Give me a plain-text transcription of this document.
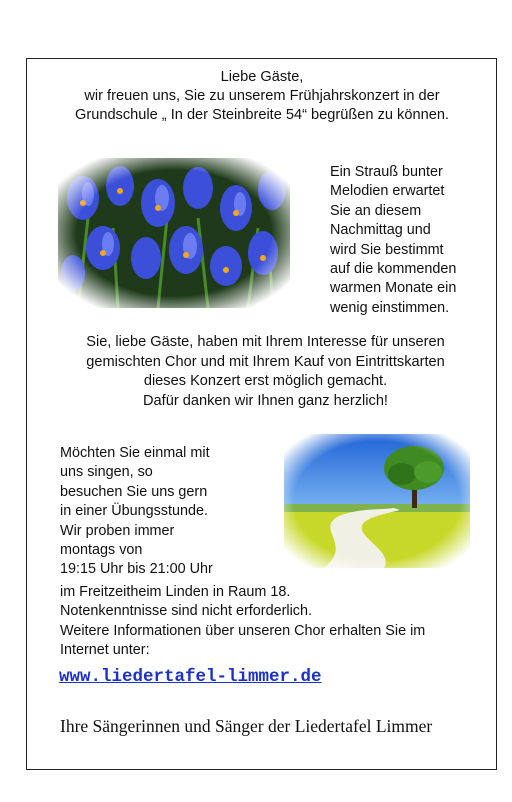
Liebe Gäste,
wir freuen uns, Sie zu unserem Frühjahrskonzert in der
Grundschule „ In der Steinbreite 54“ begrüßen zu können.
Ein Strauß bunter
Melodien erwartet
Sie an diesem
Nachmittag und
wird Sie bestimmt
auf die kommenden
warmen Monate ein
wenig einstimmen.
Sie, liebe Gäste, haben mit Ihrem Interesse für unseren
gemischten Chor und mit Ihrem Kauf von Eintrittskarten
dieses Konzert erst möglich gemacht.
Dafür danken wir Ihnen ganz herzlich!
Möchten Sie einmal mit
uns singen, so
besuchen Sie uns gern
in einer Übungsstunde.
Wir proben immer
montags von
19:15 Uhr bis 21:00 Uhr
im Freitzeitheim Linden in Raum 18.
Notenkenntnisse sind nicht erforderlich.
Weitere Informationen über unseren Chor erhalten Sie im
Internet unter:
www.liedertafel-limmer.de
Ihre Sängerinnen und Sänger der Liedertafel Limmer
